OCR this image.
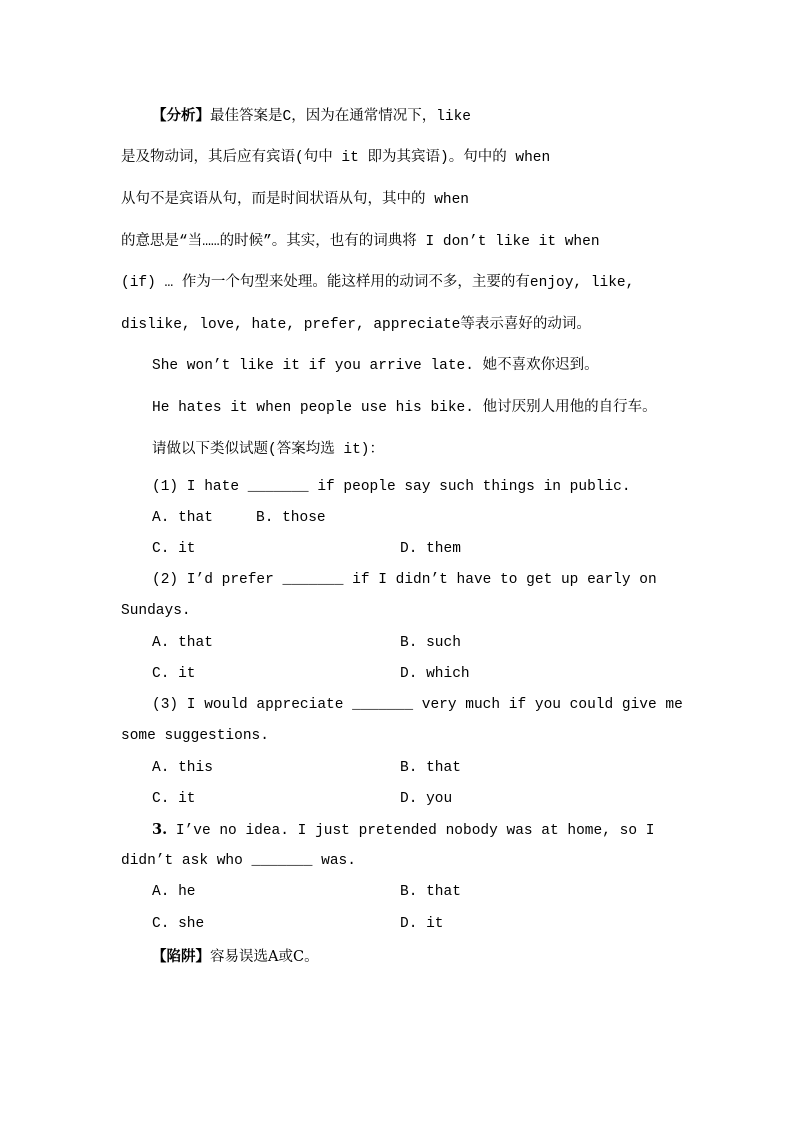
【分析】最佳答案是C，因为在通常情况下，like
是及物动词，其后应有宾语(句中 it 即为其宾语)。句中的 when
从句不是宾语从句，而是时间状语从句，其中的 when
的意思是“当……的时候”。其实，也有的词典将 I don’t like it when
(if) … 作为一个句型来处理。能这样用的动词不多，主要的有enjoy, like,
dislike, love, hate, prefer, appreciate等表示喜好的动词。
She won’t like it if you arrive late. 她不喜欢你迟到。
He hates it when people use his bike. 他讨厌别人用他的自行车。
请做以下类似试题(答案均选 it)：
(1) I hate _______ if people say such things in public.
A. that	B. those
C. it	D. them
(2) I’d prefer _______ if I didn’t have to get up early on
Sundays.
A. that	B. such
C. it	D. which
(3) I would appreciate _______ very much if you could give me
some suggestions.
A. this	B. that
C. it	D. you
3. I’ve no idea. I just pretended nobody was at home, so I
didn’t ask who _______ was.
A. he	B. that
C. she	D. it
【陷阱】容易误选A或C。
